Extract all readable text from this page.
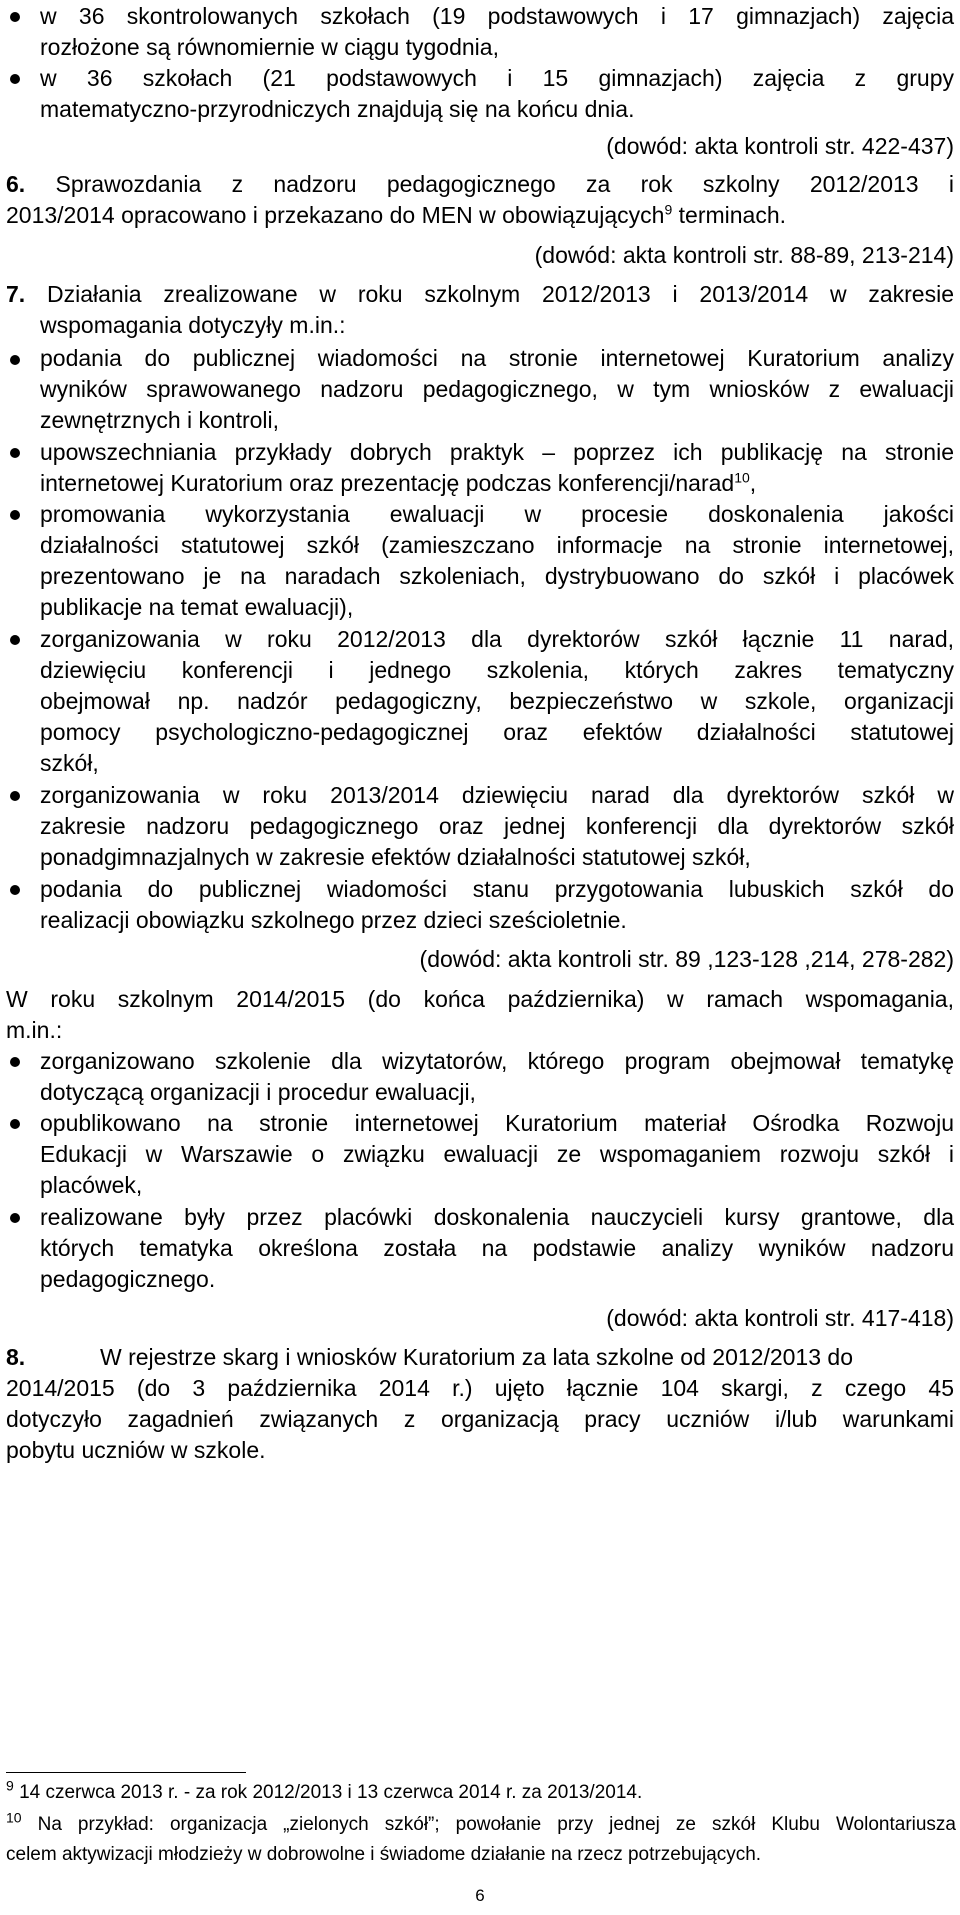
w 36 skontrolowanych szkołach (19 podstawowych i 17 gimnazjach) zajęcia
rozłożone są równomiernie w ciągu tygodnia,
w 36 szkołach (21 podstawowych i 15 gimnazjach) zajęcia z grupy
matematyczno-przyrodniczych znajdują się na końcu dnia.
(dowód: akta kontroli str. 422-437)
6. Sprawozdania z nadzoru pedagogicznego za rok szkolny 2012/2013 i
2013/2014 opracowano i przekazano do MEN w obowiązujących$^9$ terminach.
(dowód: akta kontroli str. 88-89, 213-214)
7. Działania zrealizowane w roku szkolnym 2012/2013 i 2013/2014 w zakresie
wspomagania dotyczyły m.in.:
podania do publicznej wiadomości na stronie internetowej Kuratorium analizy
wyników sprawowanego nadzoru pedagogicznego, w tym wniosków z ewaluacji
zewnętrznych i kontroli,
upowszechniania przykłady dobrych praktyk – poprzez ich publikację na stronie
internetowej Kuratorium oraz prezentację podczas konferencji/narad$^{10}$,
promowania wykorzystania ewaluacji w procesie doskonalenia jakości
działalności statutowej szkół (zamieszczano informacje na stronie internetowej,
prezentowano je na naradach szkoleniach, dystrybuowano do szkół i placówek
publikacje na temat ewaluacji),
zorganizowania w roku 2012/2013 dla dyrektorów szkół łącznie 11 narad,
dziewięciu konferencji i jednego szkolenia, których zakres tematyczny
obejmował np. nadzór pedagogiczny, bezpieczeństwo w szkole, organizacji
pomocy psychologiczno-pedagogicznej oraz efektów działalności statutowej
szkół,
zorganizowania w roku 2013/2014 dziewięciu narad dla dyrektorów szkół w
zakresie nadzoru pedagogicznego oraz jednej konferencji dla dyrektorów szkół
ponadgimnazjalnych w zakresie efektów działalności statutowej szkół,
podania do publicznej wiadomości stanu przygotowania lubuskich szkół do
realizacji obowiązku szkolnego przez dzieci sześcioletnie.
(dowód: akta kontroli str. 89 ,123-128 ,214, 278-282)
W roku szkolnym 2014/2015 (do końca października) w ramach wspomagania,
m.in.:
zorganizowano szkolenie dla wizytatorów, którego program obejmował tematykę
dotyczącą organizacji i procedur ewaluacji,
opublikowano na stronie internetowej Kuratorium materiał Ośrodka Rozwoju
Edukacji w Warszawie o związku ewaluacji ze wspomaganiem rozwoju szkół i
placówek,
realizowane były przez placówki doskonalenia nauczycieli kursy grantowe, dla
których tematyka określona została na podstawie analizy wyników nadzoru
pedagogicznego.
(dowód: akta kontroli str. 417-418)
8.	W rejestrze skarg i wniosków Kuratorium za lata szkolne od 2012/2013 do
2014/2015 (do 3 października 2014 r.) ujęto łącznie 104 skargi, z czego 45
dotyczyło zagadnień związanych z organizacją pracy uczniów i/lub warunkami
pobytu uczniów w szkole.
$^9$ 14 czerwca 2013 r. - za rok 2012/2013 i 13 czerwca 2014 r. za 2013/2014.
$^{10}$ Na przykład: organizacja „zielonych szkół”; powołanie przy jednej ze szkół Klubu Wolontariusza
celem aktywizacji młodzieży w dobrowolne i świadome działanie na rzecz potrzebujących.
6
